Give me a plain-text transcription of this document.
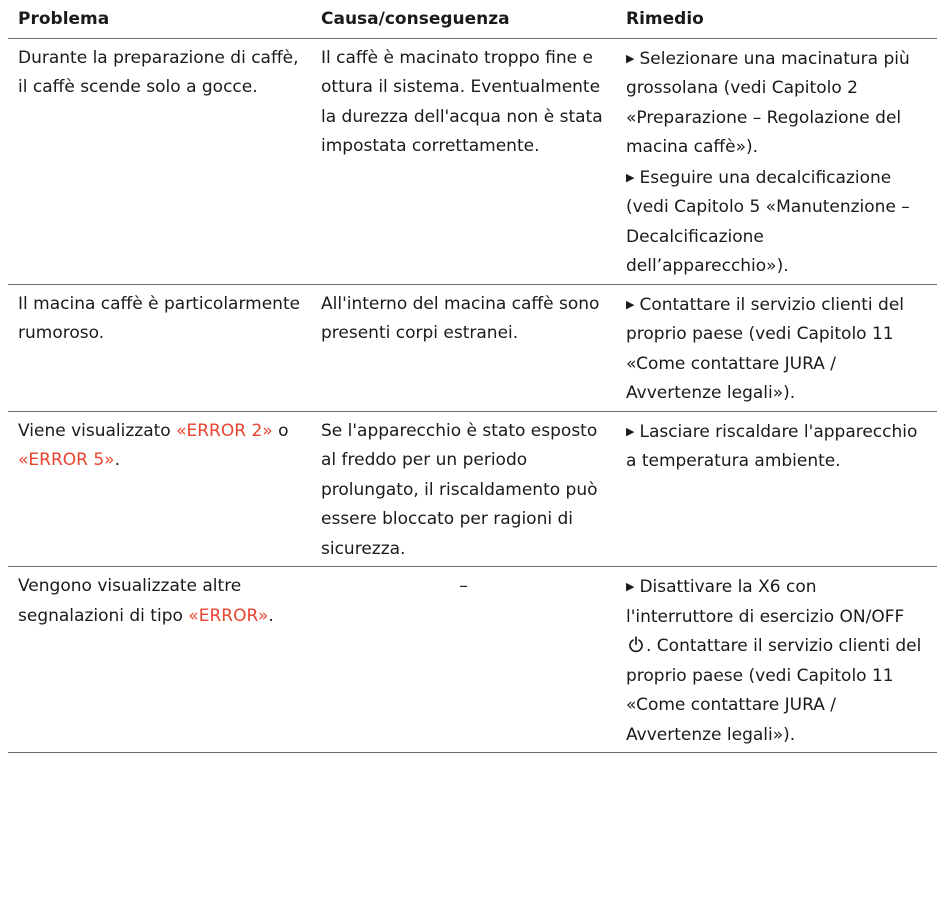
Problema	Causa/conseguenza	Rimedio
Durante la preparazione di caffè, il caffè scende solo a gocce.	Il caffè è macinato troppo fine e ottura il sistema. Eventualmente la durezza dell'acqua non è stata impostata correttamente.	▶ Selezionare una macinatura più grossolana (vedi Capitolo 2 «Preparazione – Regolazione del macina caffè»).
▶ Eseguire una decalcificazione (vedi Capitolo 5 «Manutenzione – Decalcificazione dell’apparecchio»).

Il macina caffè è particolarmente rumoroso.	All'interno del macina caffè sono presenti corpi estranei.	▶ Contattare il servizio clienti del proprio paese (vedi Capitolo 11 «Come contattare JURA / Avvertenze legali»).

Viene visualizzato «ERROR 2» o «ERROR 5».	Se l'apparecchio è stato esposto al freddo per un periodo prolungato, il riscaldamento può essere bloccato per ragioni di sicurezza.	▶ Lasciare riscaldare l'apparecchio a temperatura ambiente.

Vengono visualizzate altre segnalazioni di tipo «ERROR».	–	▶ Disattivare la X6 con l'interruttore di esercizio ON/OFF . Contattare il servizio clienti del proprio paese (vedi Capitolo 11 «Come contattare JURA / Avvertenze legali»).
